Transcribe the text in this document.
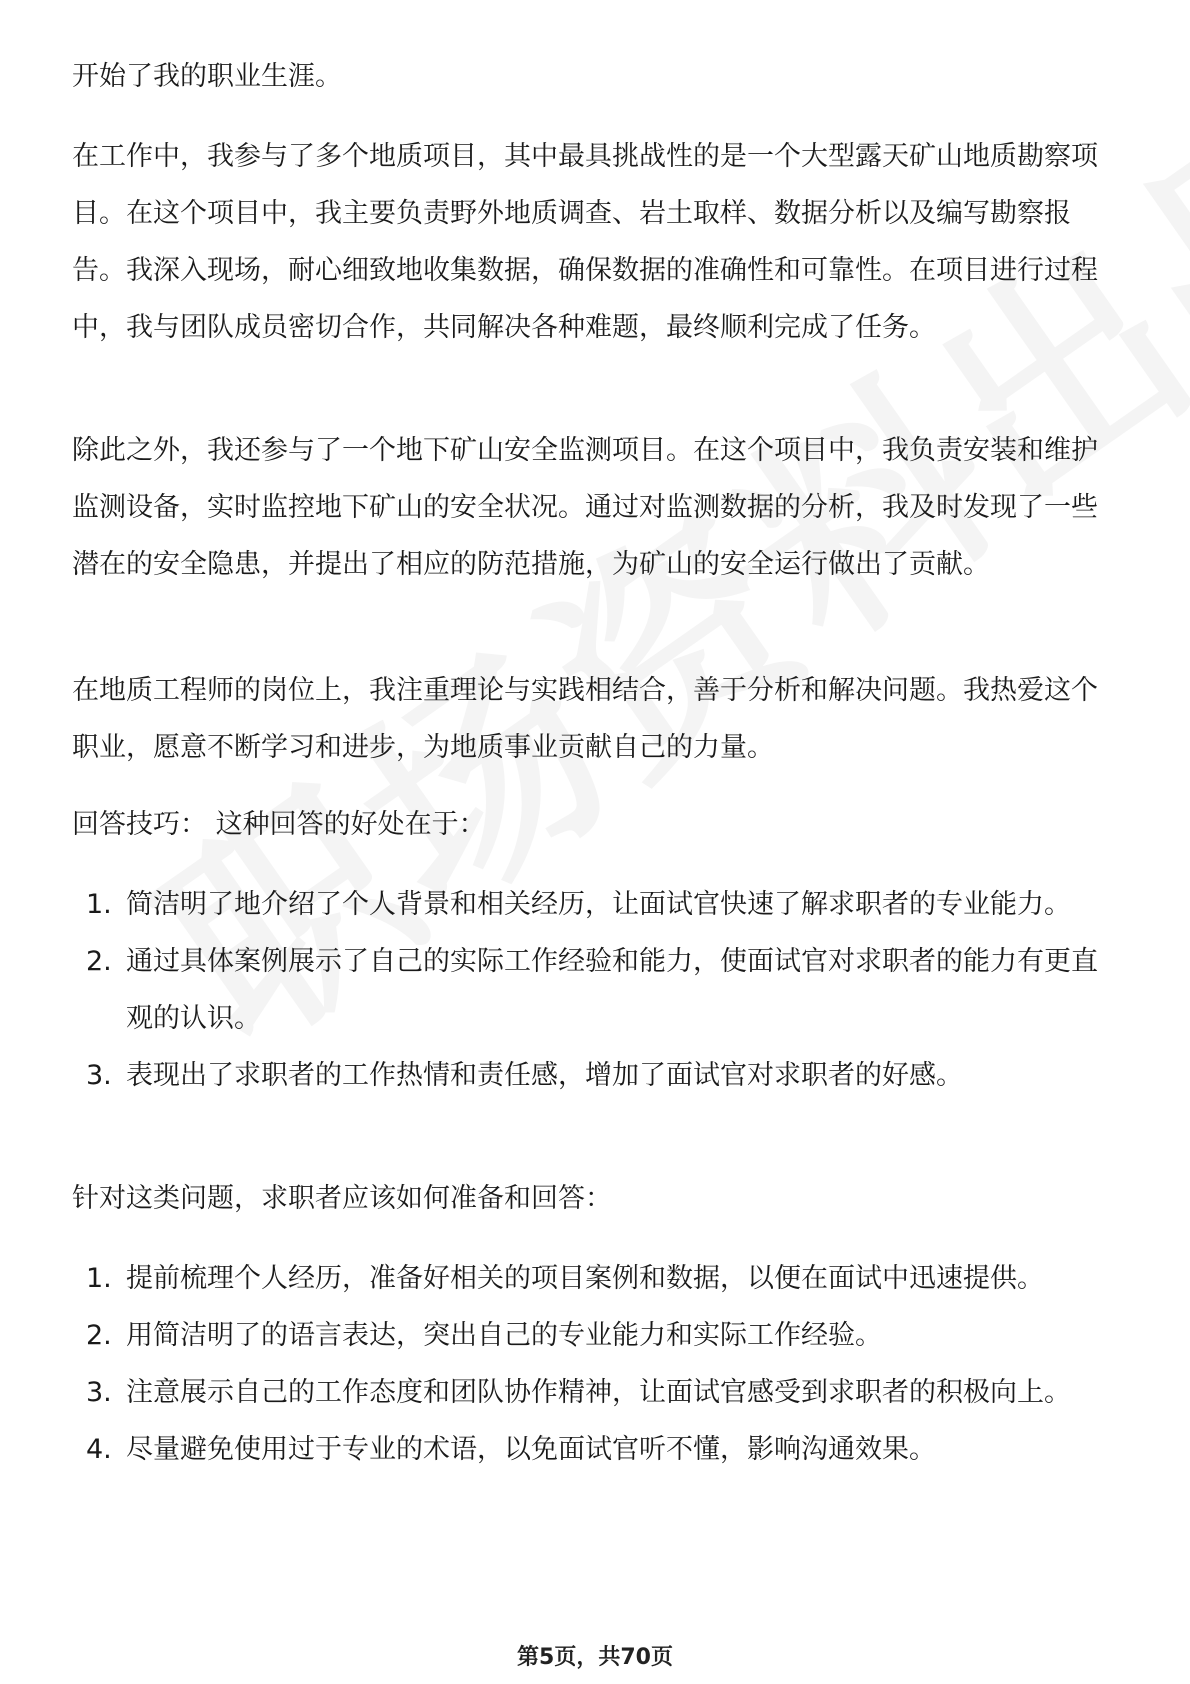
开始了我的职业生涯。

在工作中，我参与了多个地质项目，其中最具挑战性的是一个大型露天矿山地质勘察项目。在这个项目中，我主要负责野外地质调查、岩土取样、数据分析以及编写勘察报告。我深入现场，耐心细致地收集数据，确保数据的准确性和可靠性。在项目进行过程中，我与团队成员密切合作，共同解决各种难题，最终顺利完成了任务。

除此之外，我还参与了一个地下矿山安全监测项目。在这个项目中，我负责安装和维护监测设备，实时监控地下矿山的安全状况。通过对监测数据的分析，我及时发现了一些潜在的安全隐患，并提出了相应的防范措施，为矿山的安全运行做出了贡献。

在地质工程师的岗位上，我注重理论与实践相结合，善于分析和解决问题。我热爱这个职业，愿意不断学习和进步，为地质事业贡献自己的力量。

回答技巧： 这种回答的好处在于：

1. 简洁明了地介绍了个人背景和相关经历，让面试官快速了解求职者的专业能力。
2. 通过具体案例展示了自己的实际工作经验和能力，使面试官对求职者的能力有更直观的认识。
3. 表现出了求职者的工作热情和责任感，增加了面试官对求职者的好感。

针对这类问题，求职者应该如何准备和回答：

1. 提前梳理个人经历，准备好相关的项目案例和数据，以便在面试中迅速提供。
2. 用简洁明了的语言表达，突出自己的专业能力和实际工作经验。
3. 注意展示自己的工作态度和团队协作精神，让面试官感受到求职者的积极向上。
4. 尽量避免使用过于专业的术语，以免面试官听不懂，影响沟通效果。
第5页，共70页
